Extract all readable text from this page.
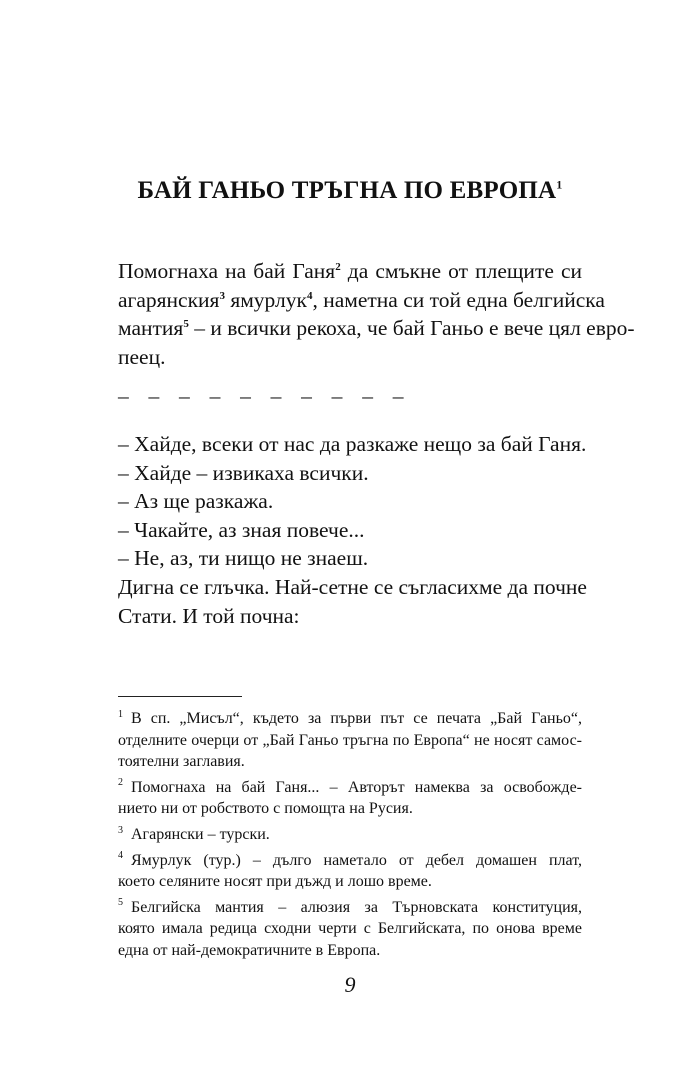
БАЙ ГАНЬО ТРЪГНА ПО ЕВРОПА$^1$
Помогнаха на бай Ганя$^2$ да смъкне от плещите си
агарянския$^3$ ямурлук$^4$, наметна си той една белгийска
мантия$^5$ – и всички рекоха, че бай Ганьо е вече цял евро-
пеец.
– – – – – – – – – –
– Хайде, всеки от нас да разкаже нещо за бай Ганя.
– Хайде – извикаха всички.
– Аз ще разкажа.
– Чакайте, аз зная повече...
– Не, аз, ти нищо не знаеш.
Дигна се глъчка. Най-сетне се съгласихме да почне
Стати. И той почна:
$^1$ В сп. „Мисъл“, където за първи път се печата „Бай Ганьо“,
отделните очерци от „Бай Ганьо тръгна по Европа“ не носят самос-
тоятелни заглавия.
$^2$ Помогнаха на бай Ганя... – Авторът намеква за освобожде-
нието ни от робството с помощта на Русия.
$^3$ Агарянски – турски.
$^4$ Ямурлук (тур.) – дълго наметало от дебел домашен плат,
което селяните носят при дъжд и лошо време.
$^5$ Белгийска мантия – алюзия за Търновската конституция,
която имала редица сходни черти с Белгийската, по онова време
една от най-демократичните в Европа.
9
